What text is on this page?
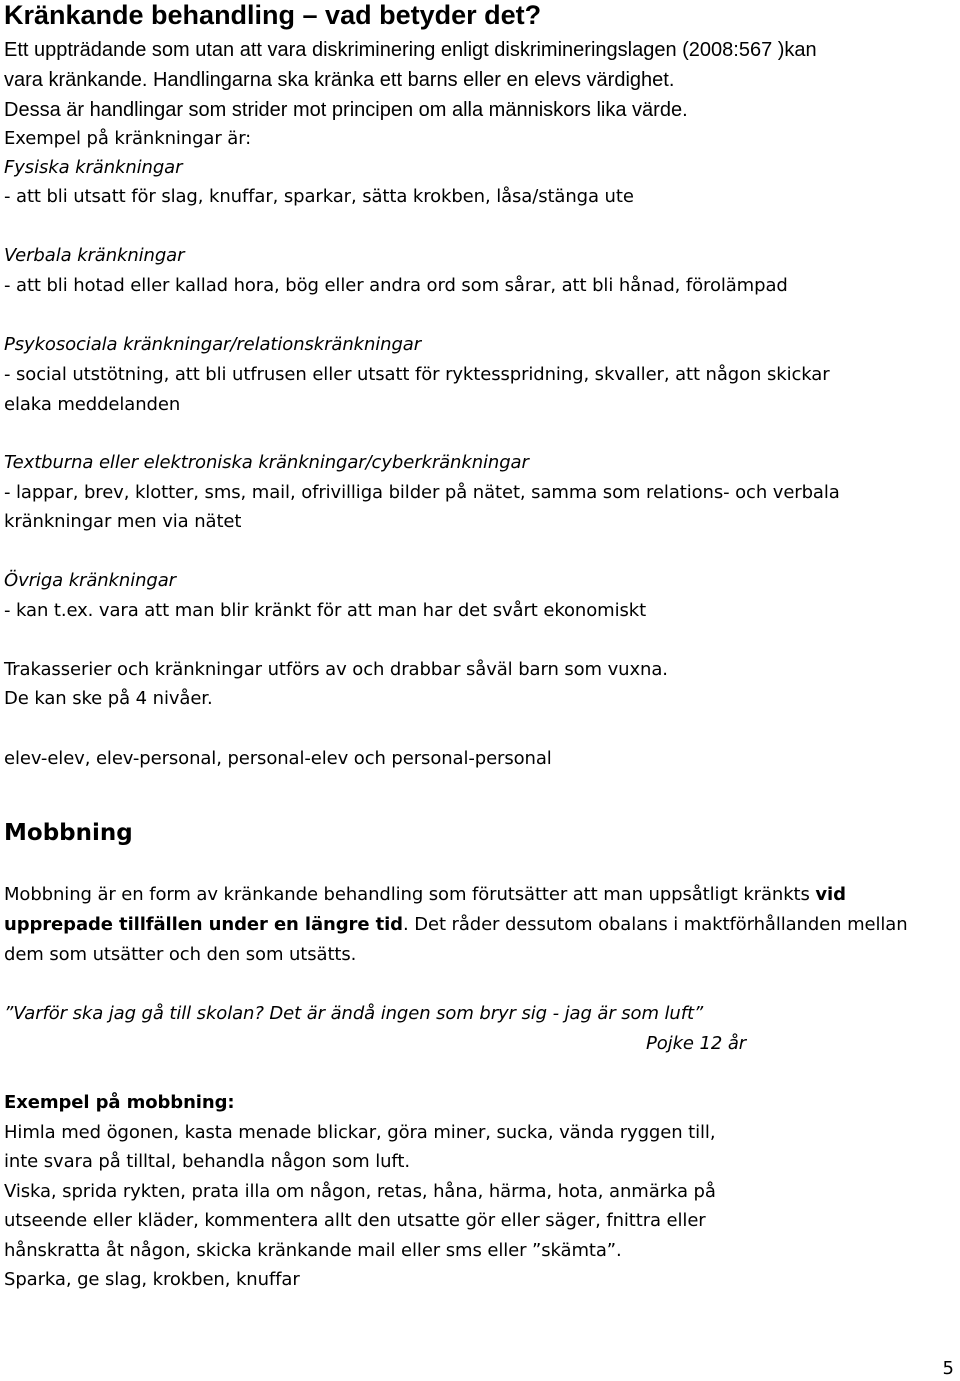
Kränkande behandling – vad betyder det?
Ett uppträdande som utan att vara diskriminering enligt diskrimineringslagen (2008:567 )kan
vara kränkande. Handlingarna ska kränka ett barns eller en elevs värdighet.
Dessa är handlingar som strider mot principen om alla människors lika värde.
Exempel på kränkningar är:
Fysiska kränkningar
- att bli utsatt för slag, knuffar, sparkar, sätta krokben, låsa/stänga ute
Verbala kränkningar
- att bli hotad eller kallad hora, bög eller andra ord som sårar, att bli hånad, förolämpad
Psykosociala kränkningar/relationskränkningar
- social utstötning, att bli utfrusen eller utsatt för ryktesspridning, skvaller, att någon skickar
elaka meddelanden
Textburna eller elektroniska kränkningar/cyberkränkningar
- lappar, brev, klotter, sms, mail, ofrivilliga bilder på nätet, samma som relations- och verbala
kränkningar men via nätet
Övriga kränkningar
- kan t.ex. vara att man blir kränkt för att man har det svårt ekonomiskt
Trakasserier och kränkningar utförs av och drabbar såväl barn som vuxna.
De kan ske på 4 nivåer.
elev-elev, elev-personal, personal-elev och personal-personal
Mobbning
Mobbning är en form av kränkande behandling som förutsätter att man uppsåtligt kränkts vid
upprepade tillfällen under en längre tid. Det råder dessutom obalans i maktförhållanden mellan
dem som utsätter och den som utsätts.
”Varför ska jag gå till skolan? Det är ändå ingen som bryr sig - jag är som luft”
Pojke 12 år
Exempel på mobbning:
Himla med ögonen, kasta menade blickar, göra miner, sucka, vända ryggen till,
inte svara på tilltal, behandla någon som luft.
Viska, sprida rykten, prata illa om någon, retas, håna, härma, hota, anmärka på
utseende eller kläder, kommentera allt den utsatte gör eller säger, fnittra eller
hånskratta åt någon, skicka kränkande mail eller sms eller ”skämta”.
Sparka, ge slag, krokben, knuffar
5
